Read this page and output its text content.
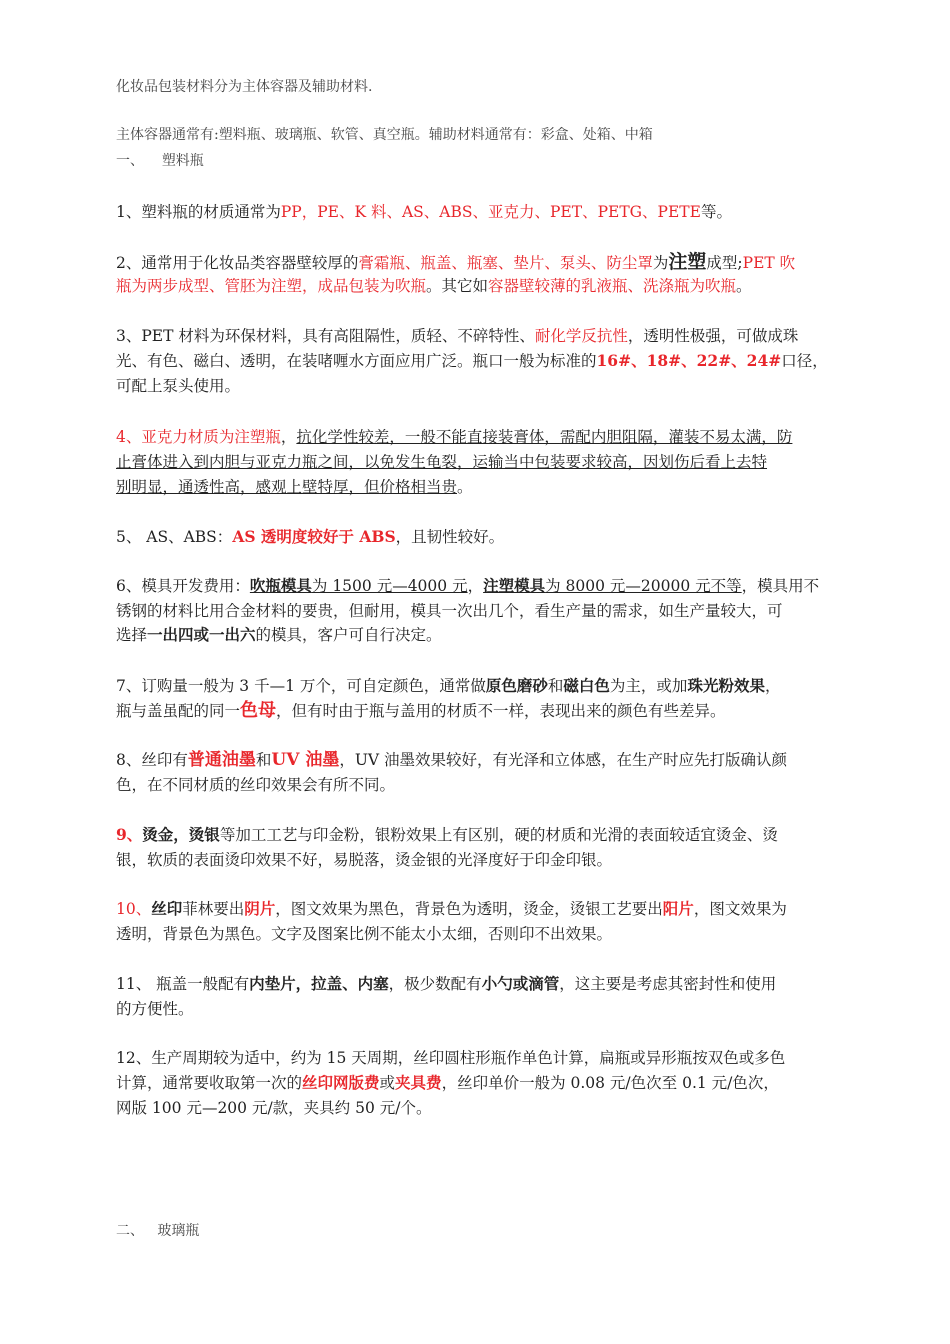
化妆品包装材料分为主体容器及辅助材料.
主体容器通常有:塑料瓶、玻璃瓶、软管、真空瓶。辅助材料通常有：彩盒、处箱、中箱
一、 塑料瓶
1、塑料瓶的材质通常为PP，PE、K 料、AS、ABS、亚克力、PET、PETG、PETE等。
2、通常用于化妆品类容器壁较厚的膏霜瓶、瓶盖、瓶塞、垫片、泵头、防尘罩为注塑成型;PET 吹
瓶为两步成型、管胚为注塑，成品包装为吹瓶。其它如容器壁较薄的乳液瓶、洗涤瓶为吹瓶。
3、PET 材料为环保材料，具有高阻隔性，质轻、不碎特性、耐化学反抗性，透明性极强，可做成珠
光、有色、磁白、透明，在装啫喱水方面应用广泛。瓶口一般为标准的16#、18#、22#、24#口径，
可配上泵头使用。
4、亚克力材质为注塑瓶，抗化学性较差，一般不能直接装膏体，需配内胆阻隔，灌装不易太满，防
止膏体进入到内胆与亚克力瓶之间，以免发生龟裂，运输当中包装要求较高，因划伤后看上去特
别明显，通透性高，感观上壁特厚，但价格相当贵。
5、 AS、ABS：AS 透明度较好于 ABS，且韧性较好。
6、模具开发费用：吹瓶模具为 1500 元—4000 元，注塑模具为 8000 元—20000 元不等，模具用不
锈钢的材料比用合金材料的要贵，但耐用，模具一次出几个，看生产量的需求，如生产量较大，可
选择一出四或一出六的模具，客户可自行决定。
7、订购量一般为 3 千—1 万个，可自定颜色，通常做原色磨砂和磁白色为主，或加珠光粉效果，
瓶与盖虽配的同一色母，但有时由于瓶与盖用的材质不一样，表现出来的颜色有些差异。
8、丝印有普通油墨和UV 油墨，UV 油墨效果较好，有光泽和立体感，在生产时应先打版确认颜
色，在不同材质的丝印效果会有所不同。
9、烫金，烫银等加工工艺与印金粉，银粉效果上有区别，硬的材质和光滑的表面较适宜烫金、烫
银，软质的表面烫印效果不好，易脱落，烫金银的光泽度好于印金印银。
10、丝印菲林要出阴片，图文效果为黑色，背景色为透明，烫金，烫银工艺要出阳片，图文效果为
透明，背景色为黑色。文字及图案比例不能太小太细，否则印不出效果。
11、 瓶盖一般配有内垫片，拉盖、内塞，极少数配有小勺或滴管，这主要是考虑其密封性和使用
的方便性。
12、生产周期较为适中，约为 15 天周期，丝印圆柱形瓶作单色计算，扁瓶或异形瓶按双色或多色
计算，通常要收取第一次的丝印网版费或夹具费，丝印单价一般为 0.08 元/色次至 0.1 元/色次，
网版 100 元—200 元/款，夹具约 50 元/个。
二、 玻璃瓶
